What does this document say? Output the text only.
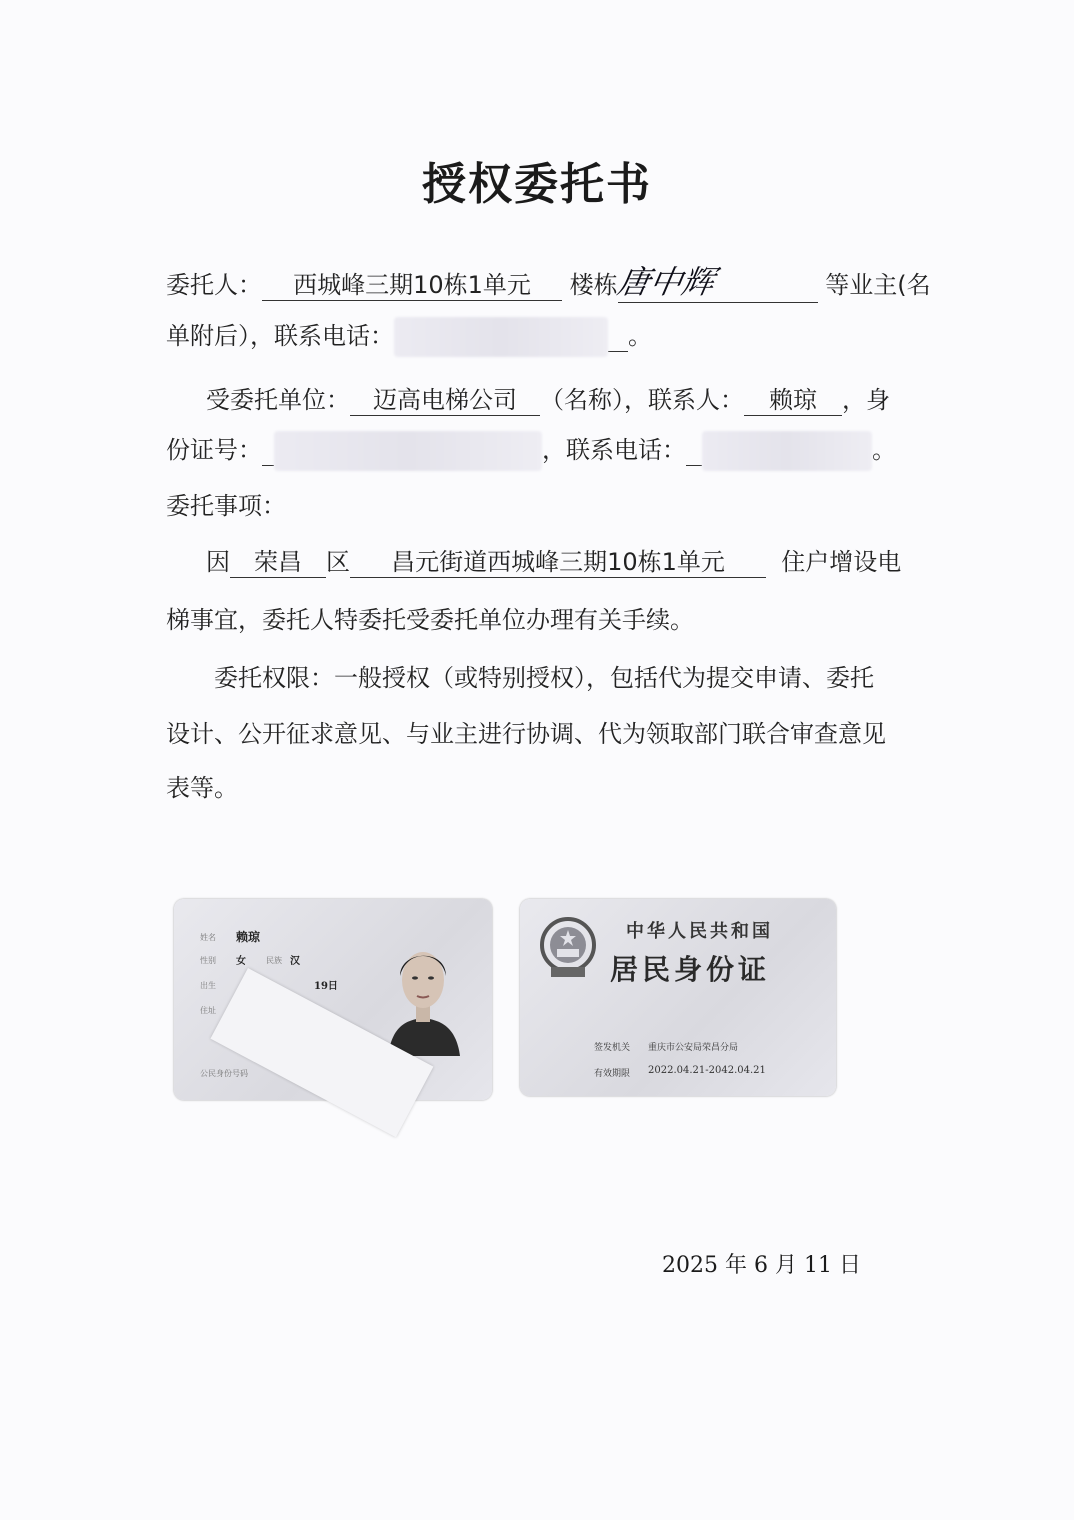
授权委托书
委托人： 西城峰三期10栋1单元 楼栋唐中辉	等业主(名
单附后），联系电话：	。
受委托单位： 迈高电梯公司 （名称），联系人： 赖琼 ，身
份证号：	，联系电话：	。
委托事项：
因 荣昌 区 昌元街道西城峰三期10栋1单元 住户增设电
梯事宜，委托人特委托受委托单位办理有关手续。
委托权限：一般授权（或特别授权），包括代为提交申请、委托
设计、公开征求意见、与业主进行协调、代为领取部门联合审查意见
表等。
姓名 赖琼
性别 女	民族 汉
出生	19日
住址
公民身份号码
中华人民共和国
居民身份证
签发机关 重庆市公安局荣昌分局
有效期限 2022.04.21-2042.04.21
2025 年 6 月 11 日
